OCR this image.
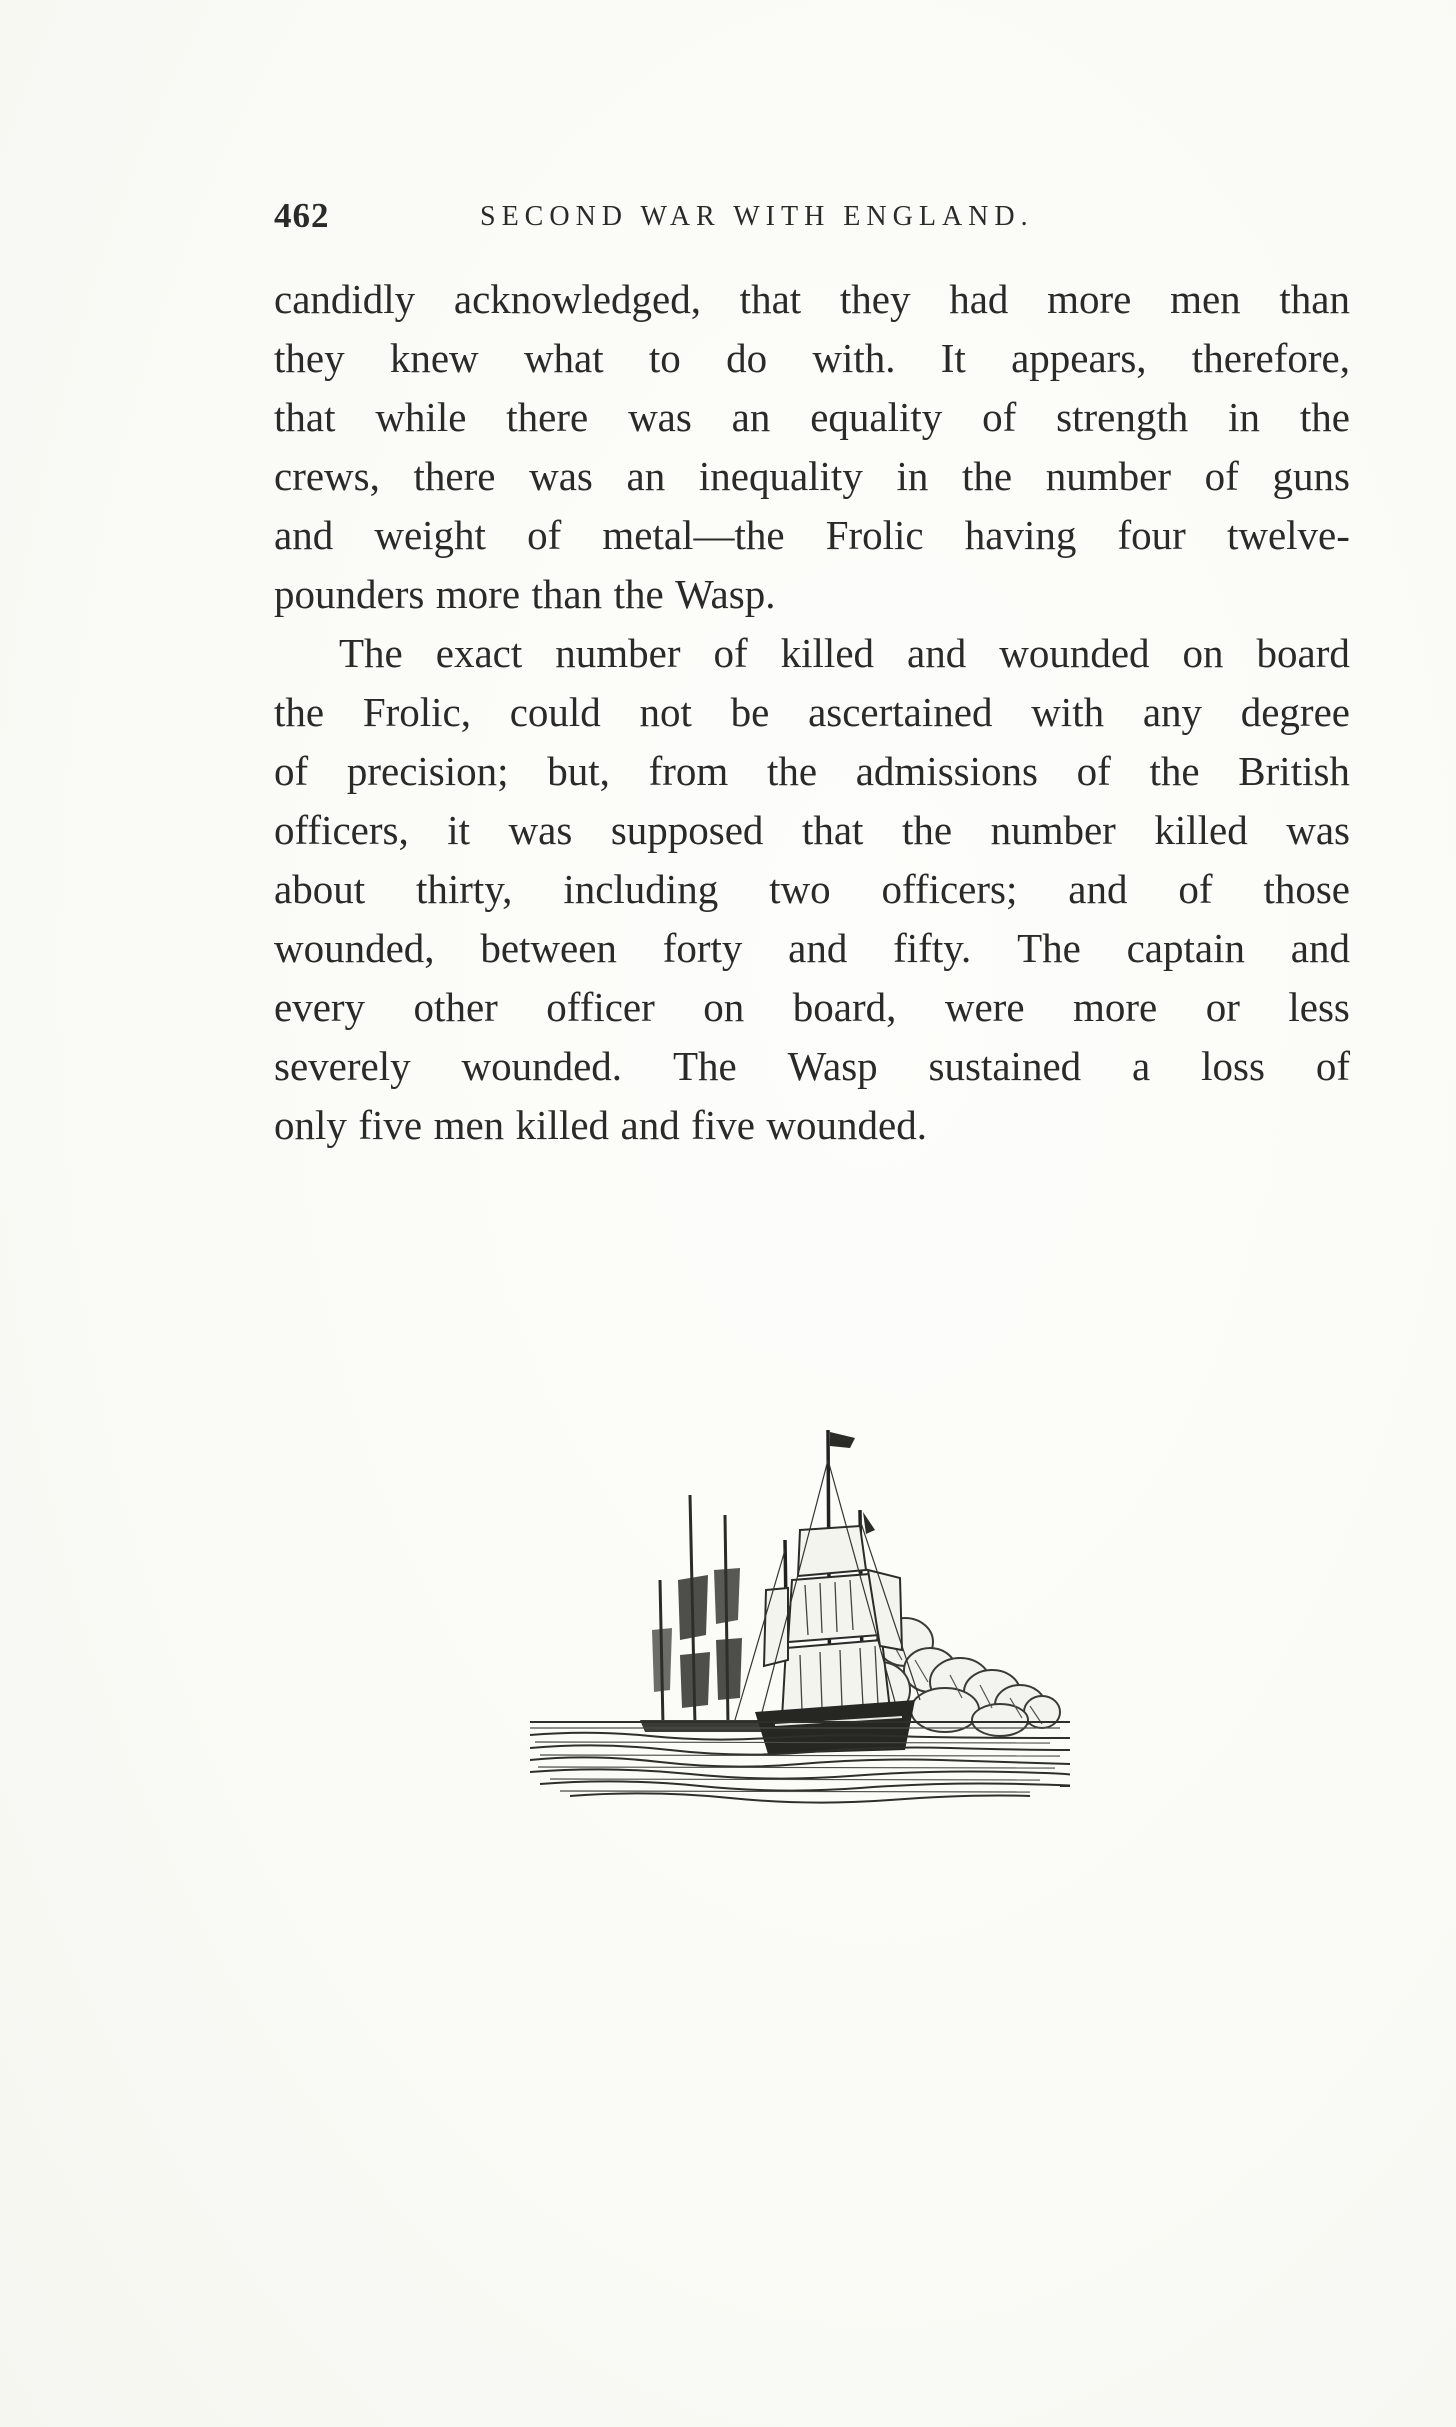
462	SECOND WAR WITH ENGLAND.
candidly acknowledged, that they had more men than
they knew what to do with. It appears, therefore,
that while there was an equality of strength in the
crews, there was an inequality in the number of guns
and weight of metal—the Frolic having four twelve-
pounders more than the Wasp.
The exact number of killed and wounded on board
the Frolic, could not be ascertained with any degree
of precision; but, from the admissions of the British
officers, it was supposed that the number killed was
about thirty, including two officers; and of those
wounded, between forty and fifty. The captain and
every other officer on board, were more or less
severely wounded. The Wasp sustained a loss of
only five men killed and five wounded.
